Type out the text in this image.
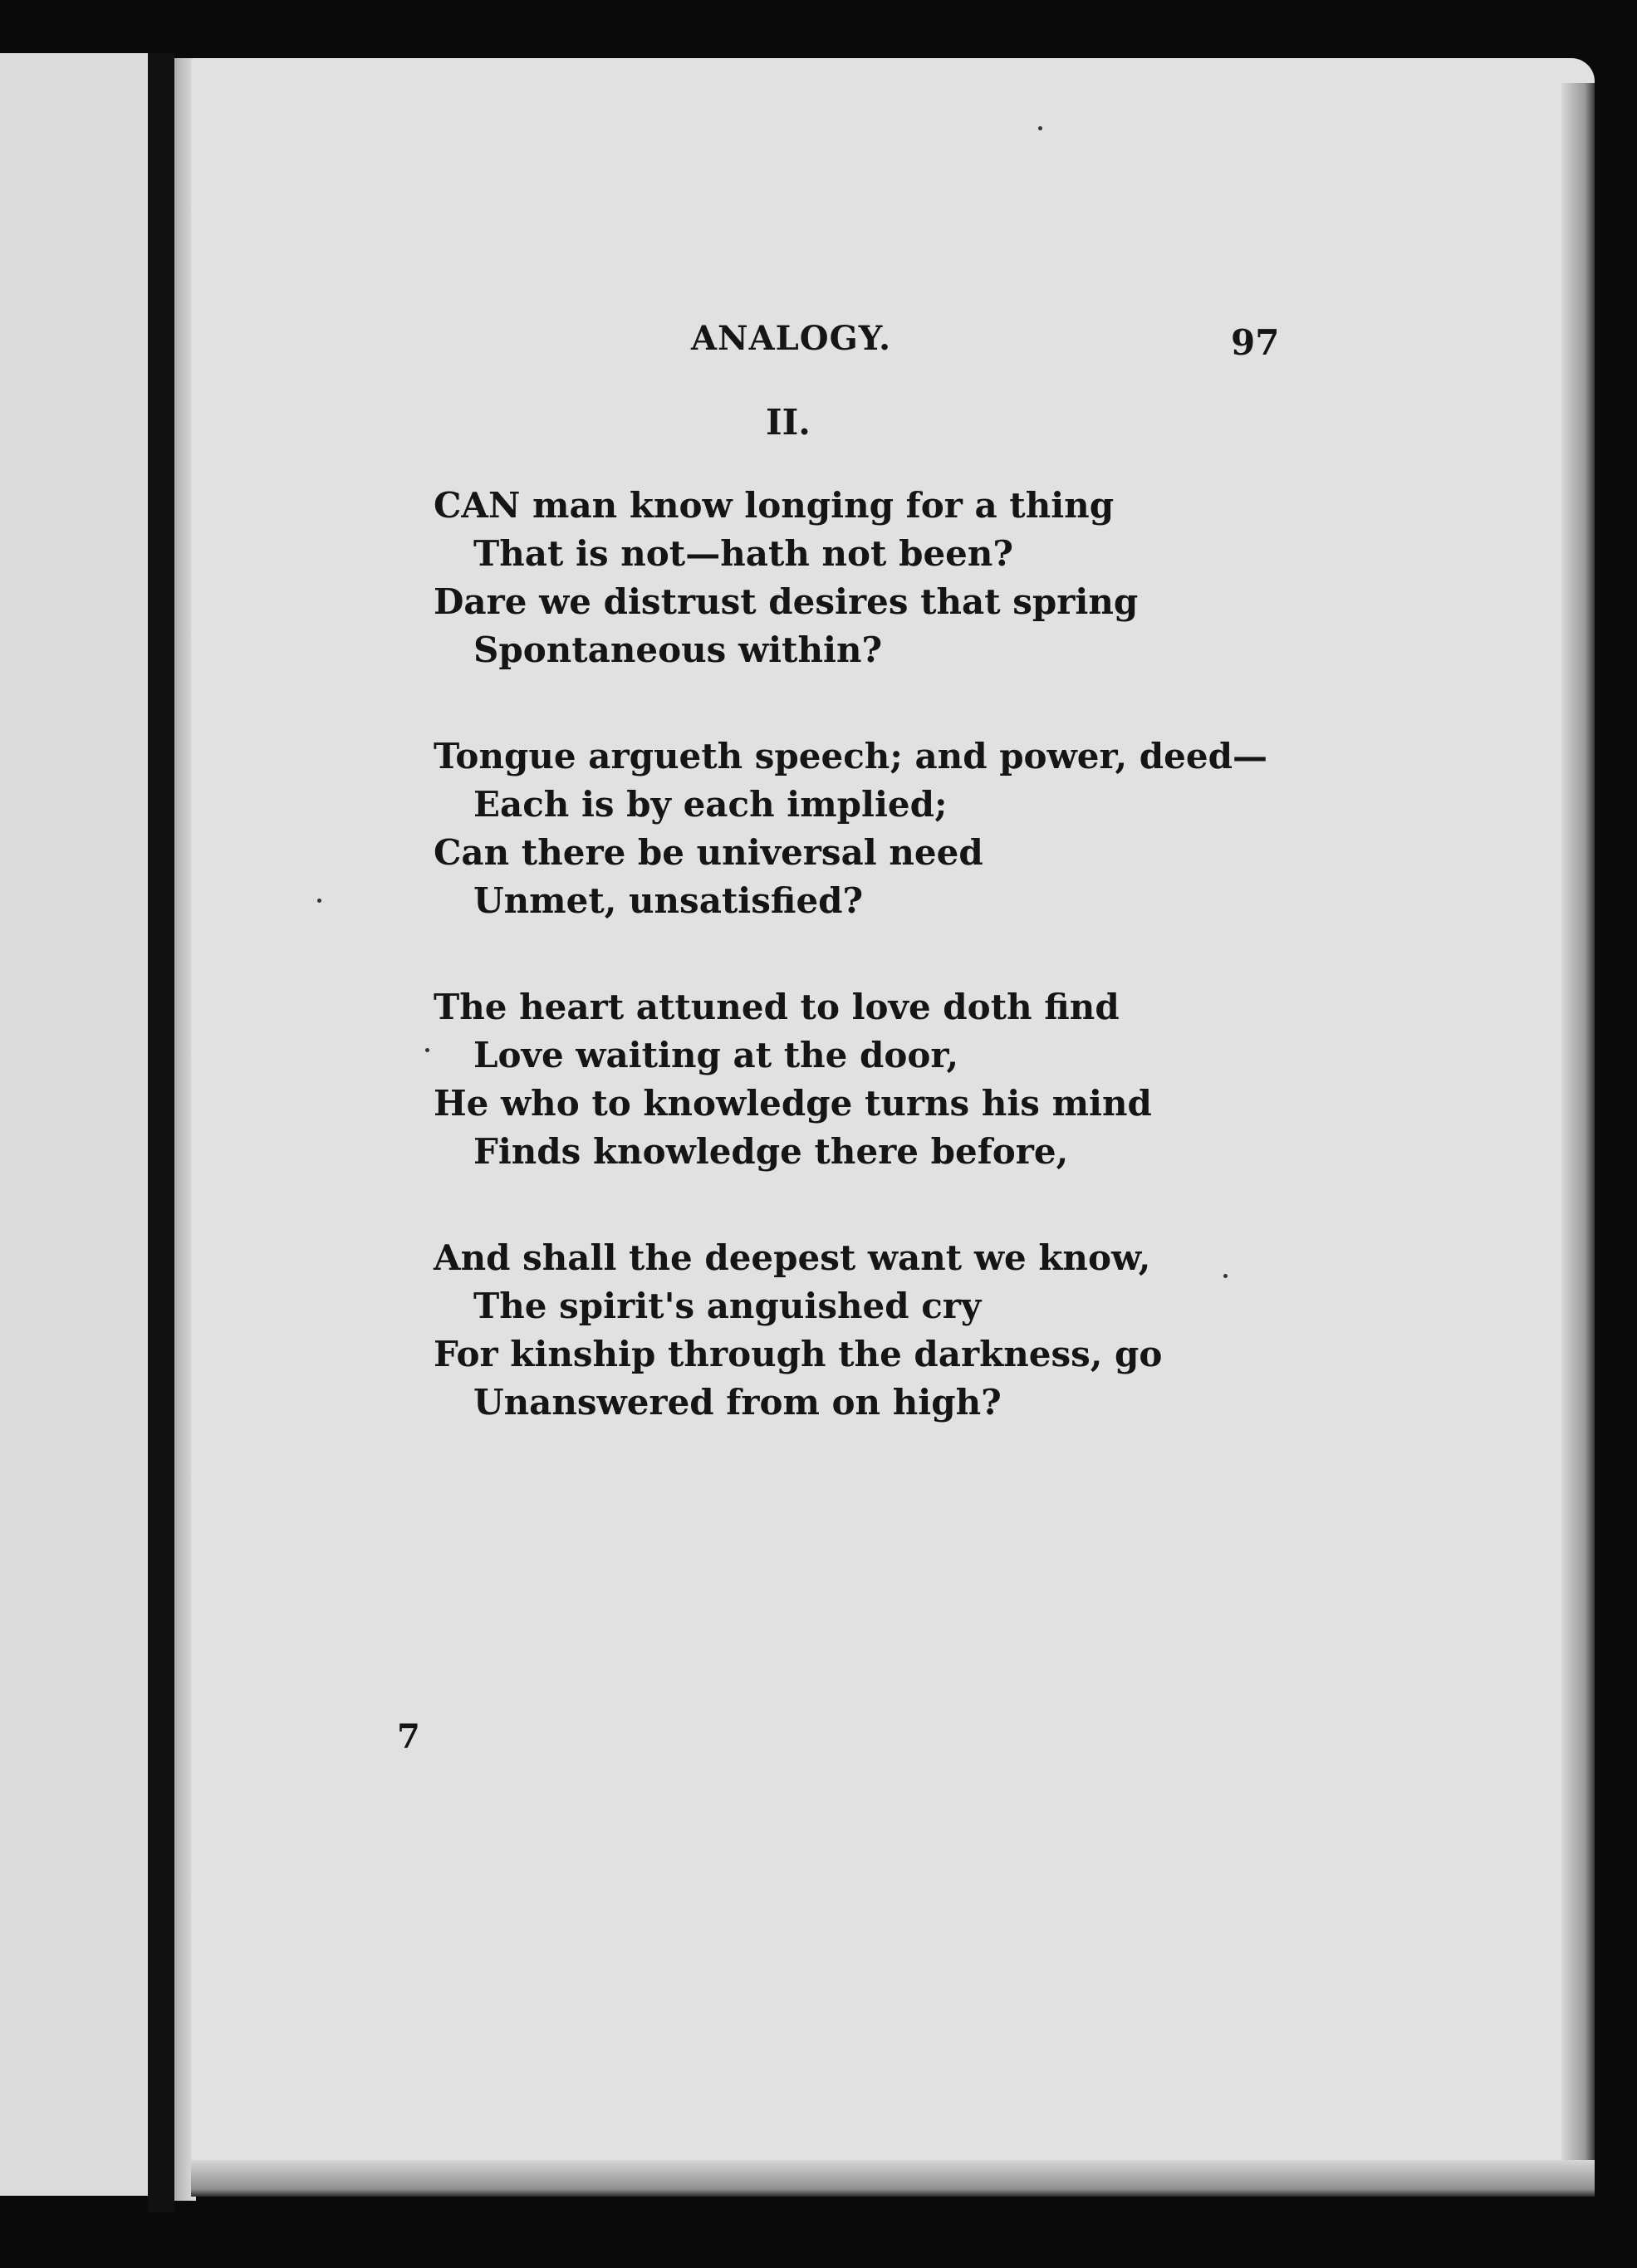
ANALOGY.	97
II.
CAN man know longing for a thing
That is not—hath not been?
Dare we distrust desires that spring
Spontaneous within?
Tongue argueth speech; and power, deed—
Each is by each implied;
Can there be universal need
Unmet, unsatisfied?
The heart attuned to love doth find
Love waiting at the door,
He who to knowledge turns his mind
Finds knowledge there before,
And shall the deepest want we know,
The spirit's anguished cry
For kinship through the darkness, go
Unanswered from on high?
7
